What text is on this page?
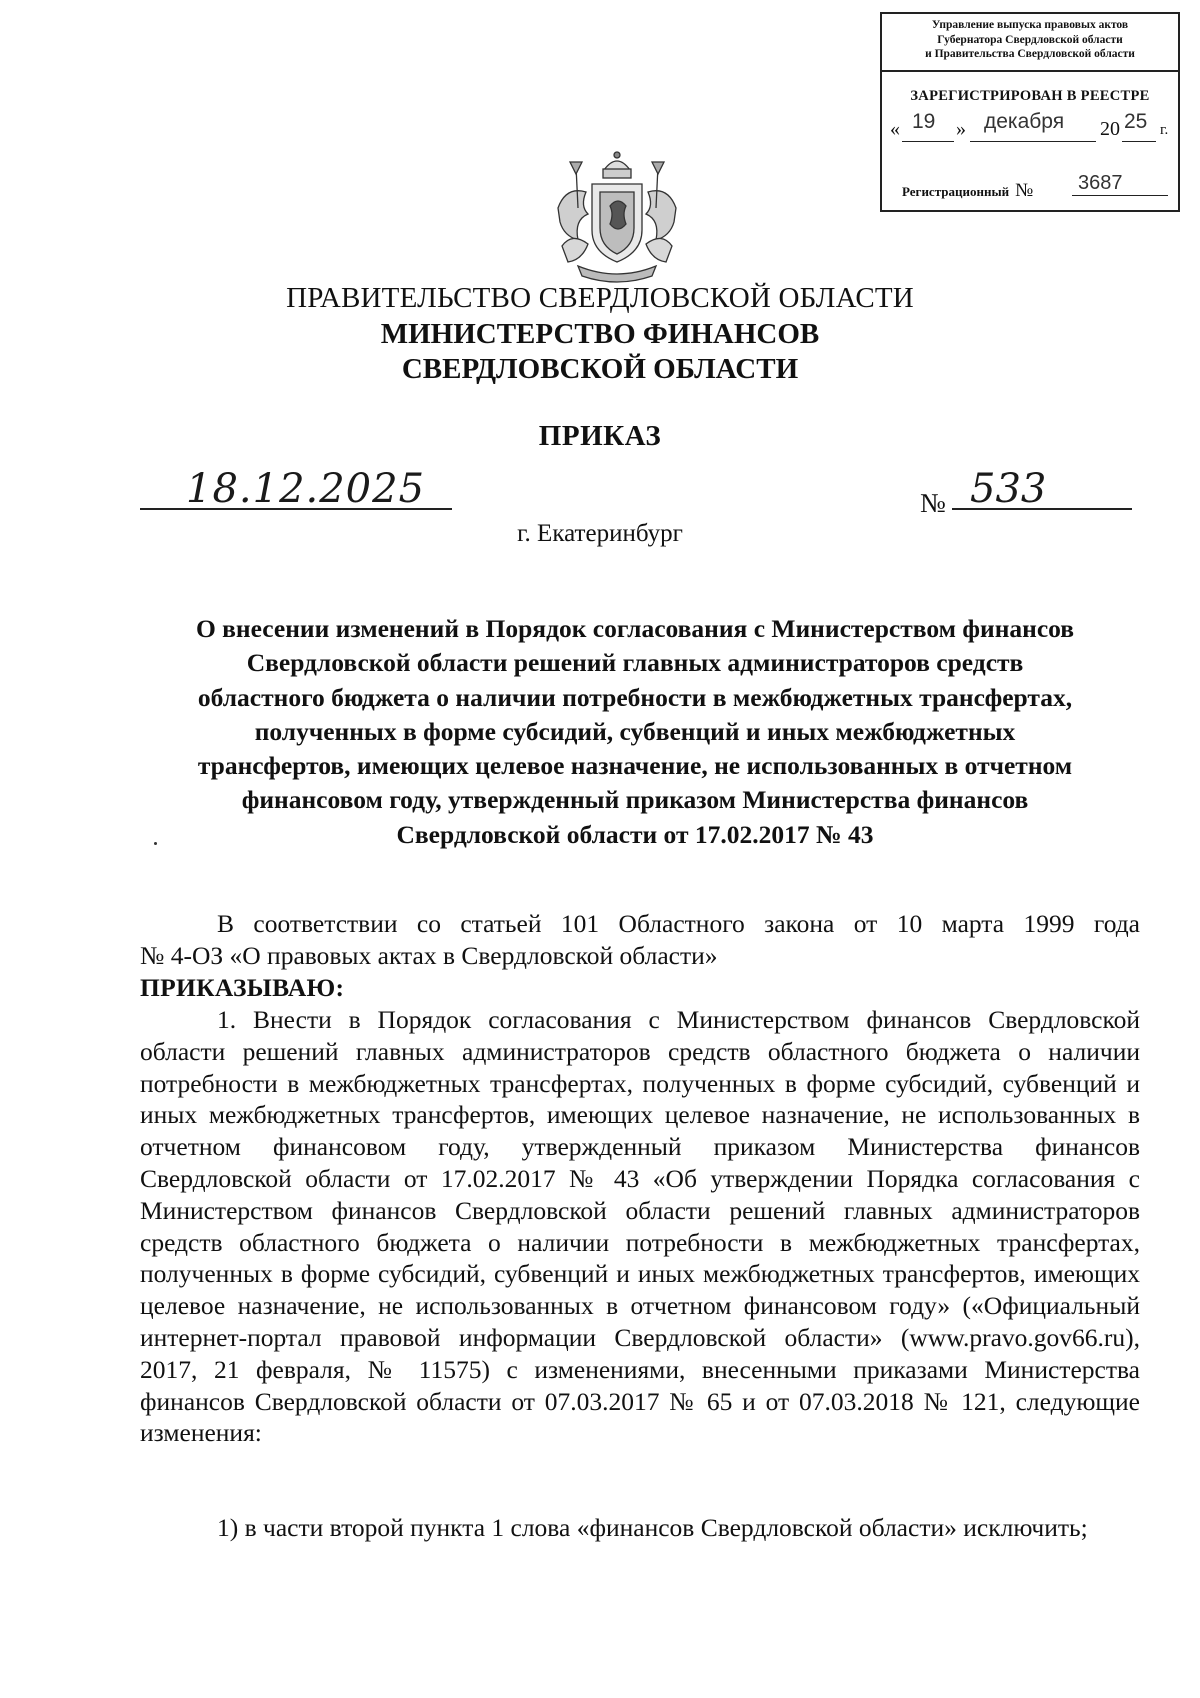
Управление выпуска правовых актов
Губернатора Свердловской области
и Правительства Свердловской области
ЗАРЕГИСТРИРОВАН В РЕЕСТРЕ
« 19 » декабря 20 25 г.
Регистрационный №	3687
ПРАВИТЕЛЬСТВО СВЕРДЛОВСКОЙ ОБЛАСТИ
МИНИСТЕРСТВО ФИНАНСОВ
СВЕРДЛОВСКОЙ ОБЛАСТИ
ПРИКАЗ
18.12.2025	№ 533
г. Екатеринбург
О внесении изменений в Порядок согласования с Министерством финансов
Свердловской области решений главных администраторов средств
областного бюджета о наличии потребности в межбюджетных трансфертах,
полученных в форме субсидий, субвенций и иных межбюджетных
трансфертов, имеющих целевое назначение, не использованных в отчетном
финансовом году, утвержденный приказом Министерства финансов
Свердловской области от 17.02.2017 № 43
В соответствии со статьей 101 Областного закона от 10 марта 1999 года
№ 4-ОЗ «О правовых актах в Свердловской области»
ПРИКАЗЫВАЮ:
1. Внести в Порядок согласования с Министерством финансов Свердловской области решений главных администраторов средств областного бюджета о наличии потребности в межбюджетных трансфертах, полученных в форме субсидий, субвенций и иных межбюджетных трансфертов, имеющих целевое назначение, не использованных в отчетном финансовом году, утвержденный приказом Министерства финансов Свердловской области от 17.02.2017 № 43 «Об утверждении Порядка согласования с Министерством финансов Свердловской области решений главных администраторов средств областного бюджета о наличии потребности в межбюджетных трансфертах, полученных в форме субсидий, субвенций и иных межбюджетных трансфертов, имеющих целевое назначение, не использованных в отчетном финансовом году» («Официальный интернет-портал правовой информации Свердловской области» (www.pravo.gov66.ru), 2017, 21 февраля, № 11575) с изменениями, внесенными приказами Министерства финансов Свердловской области от 07.03.2017 № 65 и от 07.03.2018 № 121, следующие изменения:
1) в части второй пункта 1 слова «финансов Свердловской области» исключить;
